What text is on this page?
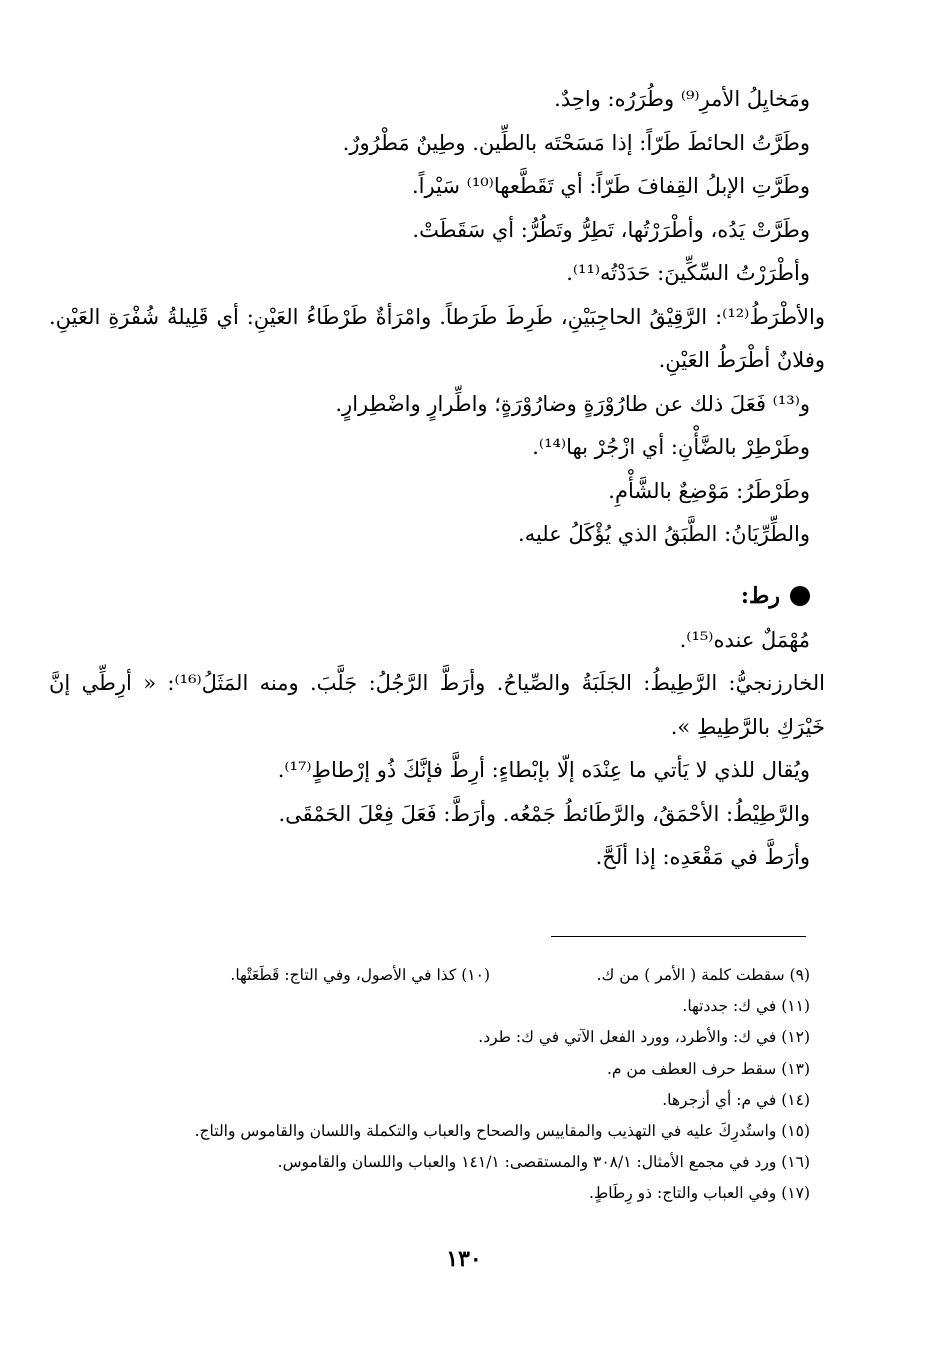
ومَخايِلُ الأمرِ⁽⁹⁾ وطُرَرُه: واحِدٌ.

وطَرَّتُ الحائطَ طَرّاً: إذا مَسَحْتَه بالطِّين. وطِينٌ مَطْرُورٌ.

وطَرَّتِ الإبلُ القِفافَ طَرّاً: أي تَقَطَّعها⁽¹⁰⁾ سَيْراً.

وطَرَّتْ يَدُه، وأطْرَرْتُها، تَطِرُّ وتَطُرُّ: أي سَقَطَتْ.

وأطْرَرْتُ السِّكِّينَ: حَدَدْتُه⁽¹¹⁾.

والأطْرَطُ⁽¹²⁾: الرَّقِيْقُ الحاجِبَيْنِ، طَرِطَ طَرَطاً. وامْرَأةٌ طَرْطَاءُ العَيْنِ: أي قَلِيلةُ شُفْرَةِ العَيْنِ. وفلانٌ أطْرَطُ العَيْنِ.

و⁽¹³⁾ فَعَلَ ذلك عن طارُوْرَةٍ وضارُوْرَةٍ؛ واطِّرارٍ واضْطِرارٍ.

وطَرْطِرْ بالضَّأْنِ: أي ازْجُرْ بها⁽¹⁴⁾.

وطَرْطَرُ: مَوْضِعٌ بالشَّأْمِ.

والطِّرِّيَانُ: الطَّبَقُ الذي يُؤْكَلُ عليه.

رط:

مُهْمَلٌ عنده⁽¹⁵⁾.

الخارزنجيُّ: الرَّطِيطُ: الجَلَبَةُ والصِّياحُ. وأرَطَّ الرَّجُلُ: جَلَّبَ. ومنه المَثَلُ⁽¹⁶⁾: « أرِطِّي إنَّ خَيْرَكِ بالرَّطِيطِ ».

ويُقال للذي لا يَأتي ما عِنْدَه إلّا بإبْطاءٍ: أرِطَّ فإنَّكَ ذُو إرْطاطٍ⁽¹⁷⁾.

والرَّطِيْطُ: الأحْمَقُ، والرَّطَائطُ جَمْعُه. وأرَطَّ: فَعَلَ فِعْلَ الحَمْقَى.

وأرَطَّ في مَقْعَدِه: إذا ألَحَّ.

(٩) سقطت كلمة ( الأمر ) من ك.
(١٠) كذا في الأصول، وفي التاج: قَطَعَتْها.
(١١) في ك: جددتها.
(١٢) في ك: والأطرد، وورد الفعل الآتي في ك: طرد.
(١٣) سقط حرف العطف من م.
(١٤) في م: أي أزجرها.
(١٥) واستُدرِكَ عليه في التهذيب والمقاييس والصحاح والعباب والتكملة واللسان والقاموس والتاج.
(١٦) ورد في مجمع الأمثال: ٣٠٨/١ والمستقصى: ١٤١/١ والعباب واللسان والقاموس.
(١٧) وفي العباب والتاج: ذو رِطَاطٍ.
١٣٠
